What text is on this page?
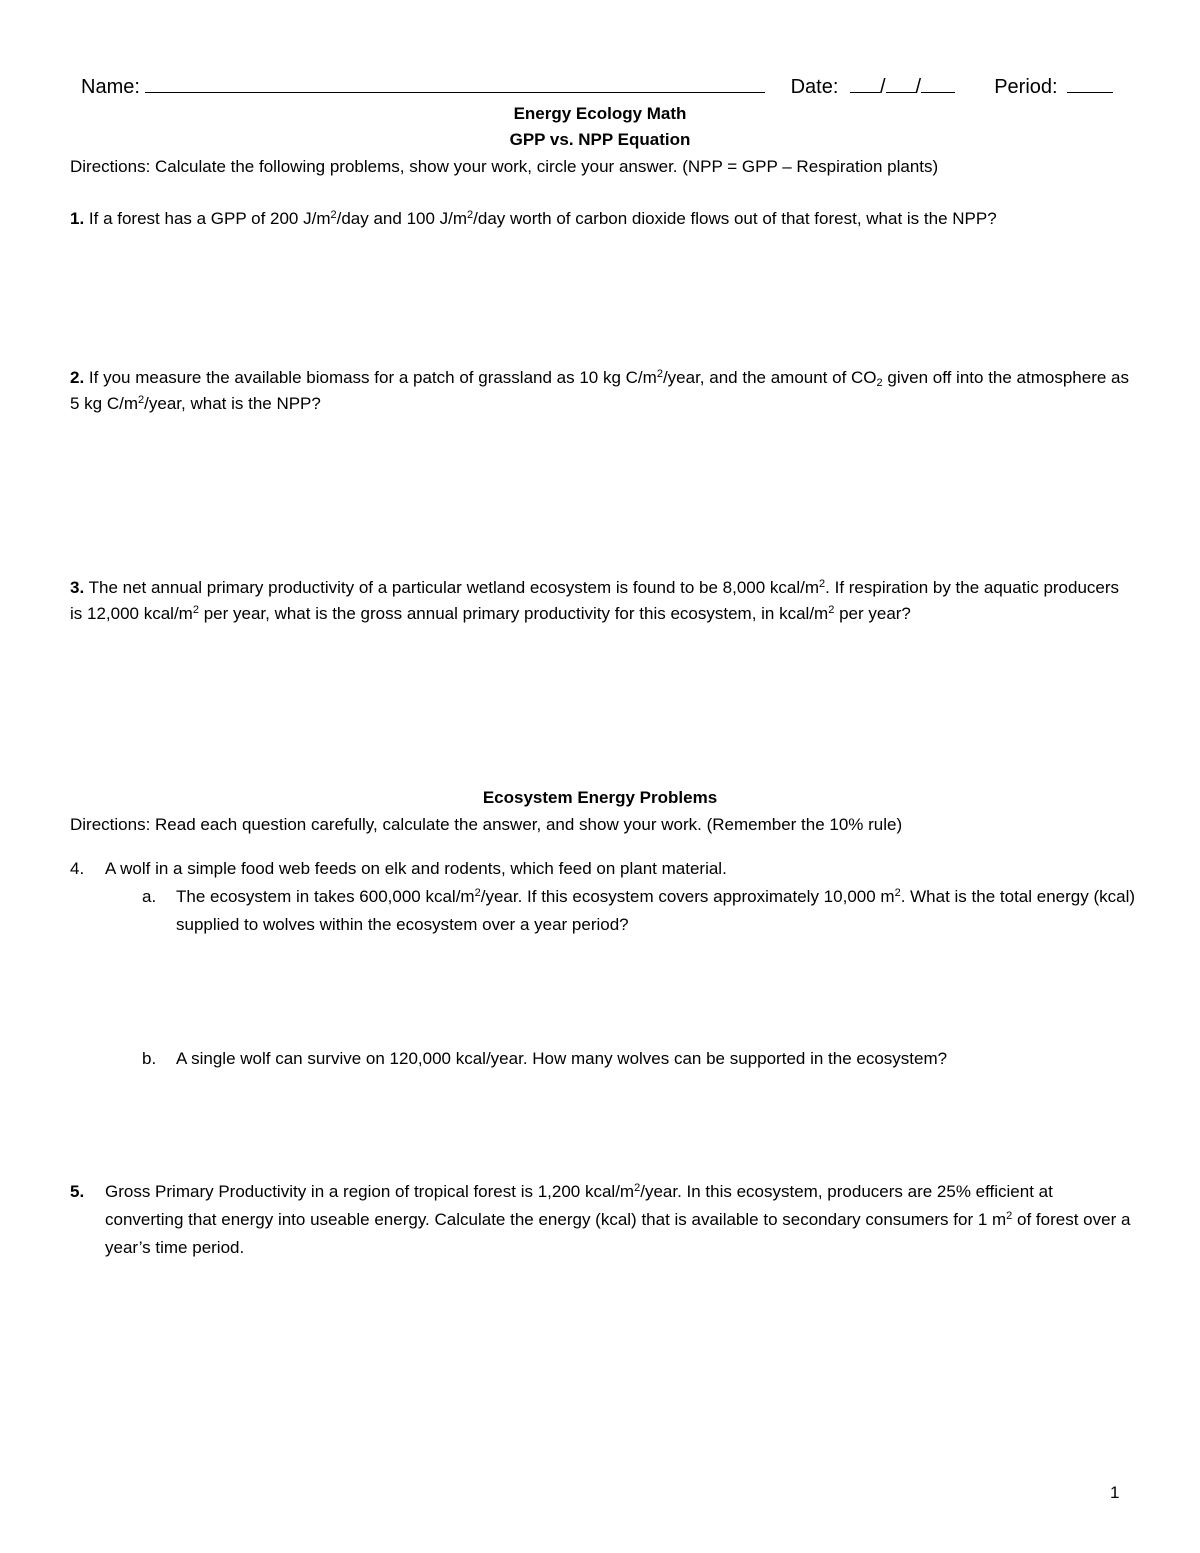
Name:	Date: / /	Period:
Energy Ecology Math
GPP vs. NPP Equation
Directions: Calculate the following problems, show your work, circle your answer. (NPP = GPP – Respiration plants)
1. If a forest has a GPP of 200 $J/m^2$/day and 100 $J/m^2$/day worth of carbon dioxide flows out of that forest, what is the NPP?
2. If you measure the available biomass for a patch of grassland as 10 kg $C/m^2$/year, and the amount of $CO_2$ given off into the atmosphere as 5 kg $C/m^2$/year, what is the NPP?
3. The net annual primary productivity of a particular wetland ecosystem is found to be 8,000 kcal/$m^2$. If respiration by the aquatic producers is 12,000 kcal/$m^2$ per year, what is the gross annual primary productivity for this ecosystem, in kcal/$m^2$ per year?
Ecosystem Energy Problems
Directions: Read each question carefully, calculate the answer, and show your work. (Remember the 10% rule)
4. A wolf in a simple food web feeds on elk and rodents, which feed on plant material.
a. The ecosystem in takes 600,000 kcal/$m^2$/year. If this ecosystem covers approximately 10,000 $m^2$. What is the total energy (kcal) supplied to wolves within the ecosystem over a year period?
b. A single wolf can survive on 120,000 kcal/year. How many wolves can be supported in the ecosystem?
5. Gross Primary Productivity in a region of tropical forest is 1,200 kcal/$m^2$/year. In this ecosystem, producers are 25% efficient at converting that energy into useable energy. Calculate the energy (kcal) that is available to secondary consumers for 1 $m^2$ of forest over a year’s time period.
1
